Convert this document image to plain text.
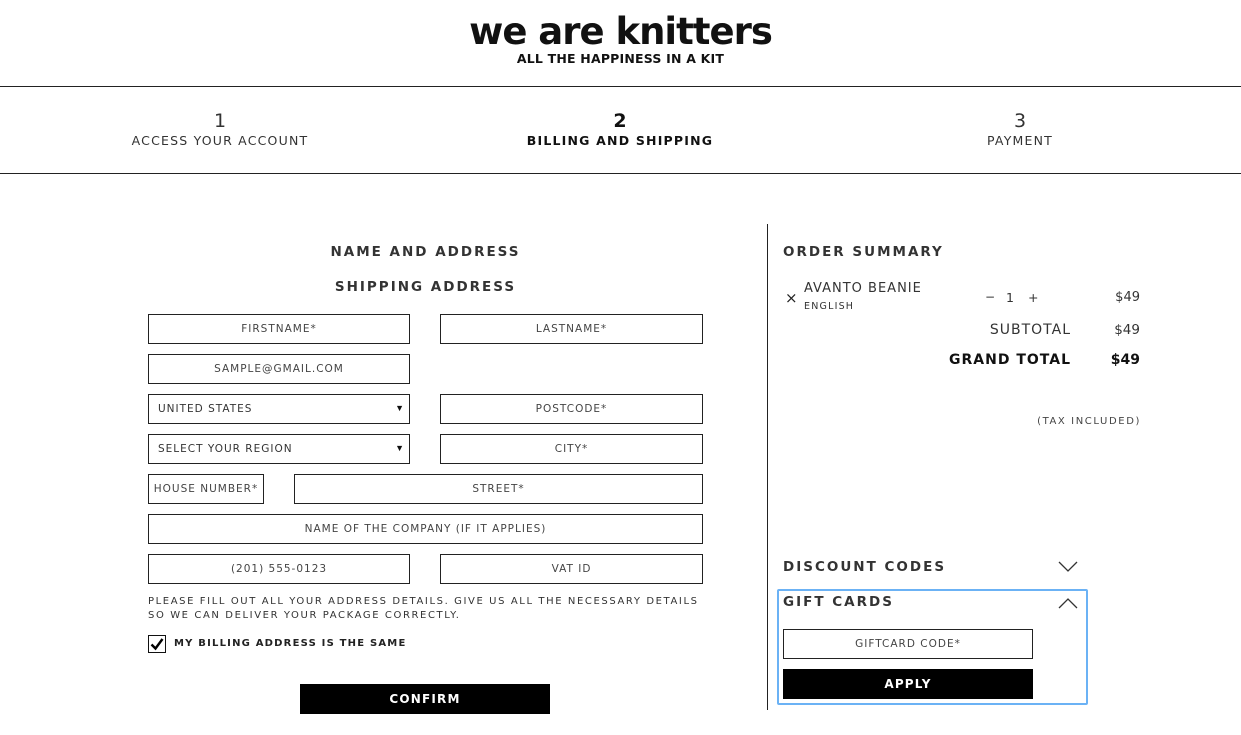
we are knitters
ALL THE HAPPINESS IN A KIT
1
ACCESS YOUR ACCOUNT
2
BILLING AND SHIPPING
3
PAYMENT
NAME AND ADDRESS
SHIPPING ADDRESS
FIRSTNAME*
LASTNAME*
SAMPLE@GMAIL.COM
UNITED STATES	▼
POSTCODE*
SELECT YOUR REGION	▼
CITY*
HOUSE NUMBER*
STREET*
NAME OF THE COMPANY (IF IT APPLIES)
(201) 555-0123
VAT ID
PLEASE FILL OUT ALL YOUR ADDRESS DETAILS. GIVE US ALL THE NECESSARY DETAILS SO WE CAN DELIVER YOUR PACKAGE CORRECTLY.
MY BILLING ADDRESS IS THE SAME
CONFIRM
ORDER SUMMARY
×
AVANTO BEANIE
ENGLISH
− 1 +	$49
SUBTOTAL	$49
GRAND TOTAL	$49
(TAX INCLUDED)
DISCOUNT CODES
GIFT CARDS
GIFTCARD CODE*
APPLY
